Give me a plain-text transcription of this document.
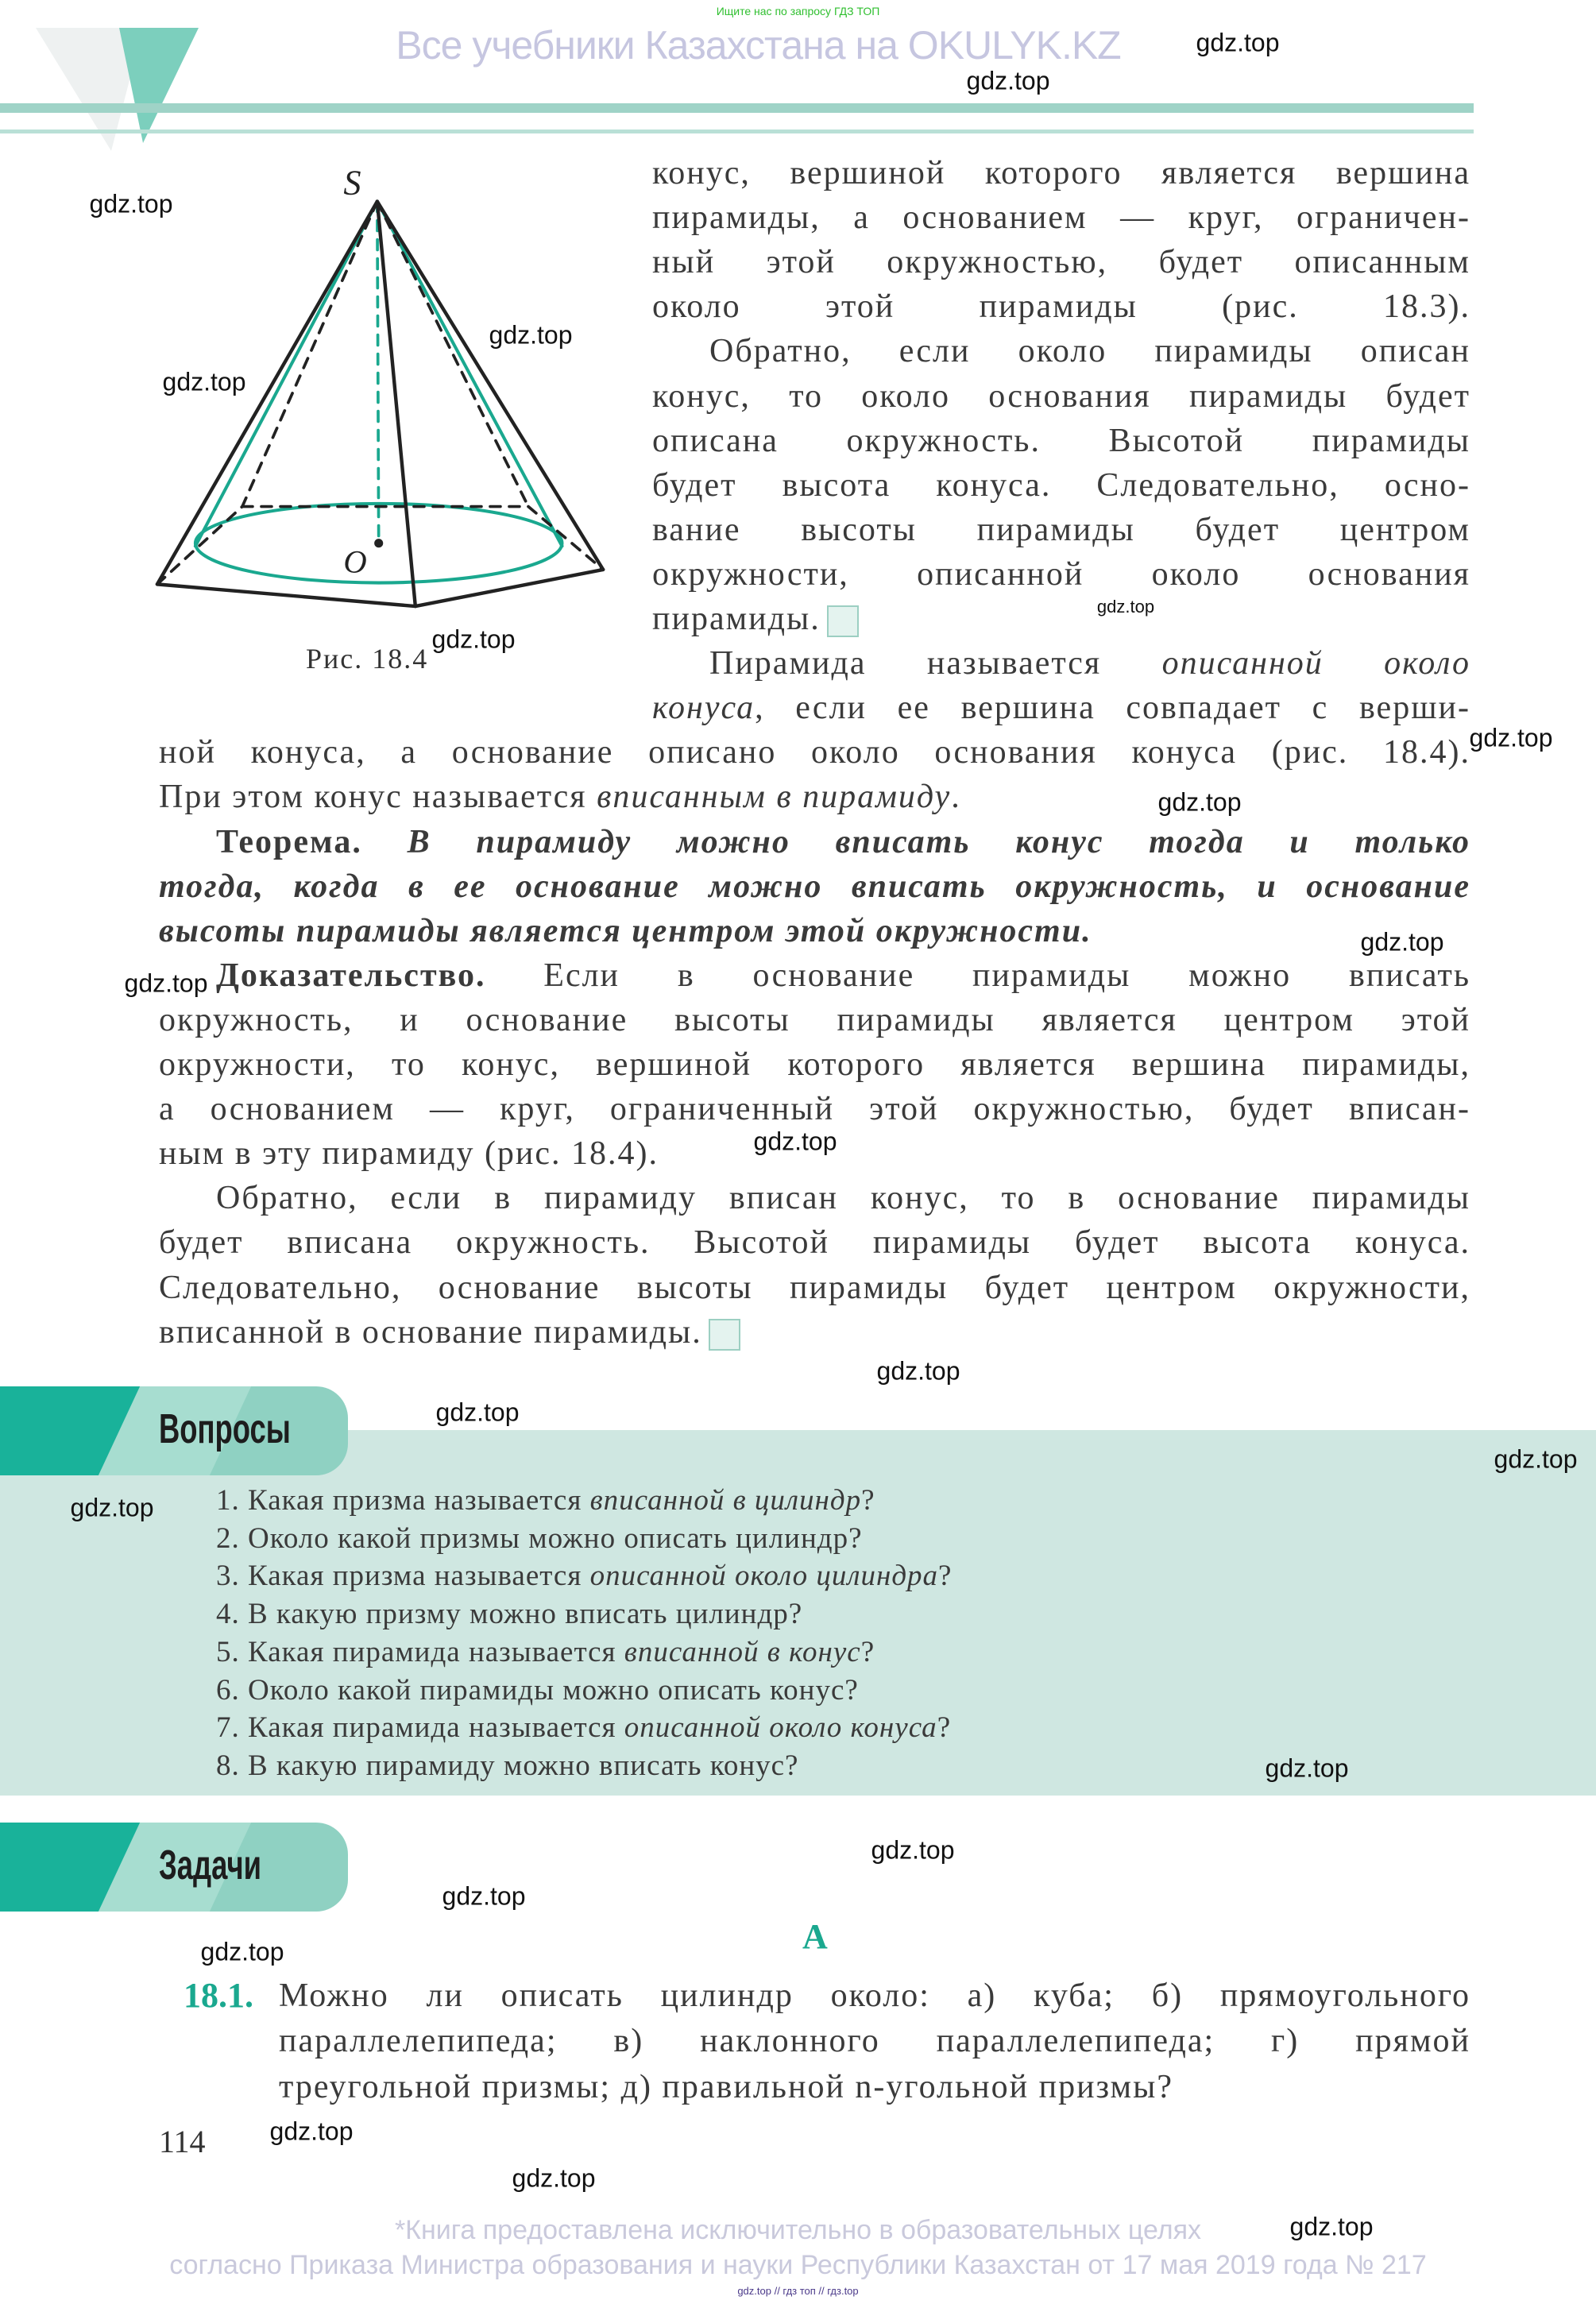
Ищите нас по запросу ГДЗ ТОП
Все учебники Казахстана на OKULYK.KZ
S
O
Рис. 18.4
конус, вершиной которого является вершина
пирамиды, а основанием — круг, ограничен-
ный этой окружностью, будет описанным
около этой пирамиды (рис. 18.3).
Обратно, если около пирамиды описан
конус, то около основания пирамиды будет
описана окружность. Высотой пирамиды
будет высота конуса. Следовательно, осно-
вание высоты пирамиды будет центром
окружности, описанной около основания
пирамиды.
Пирамида называется описанной около
конуса, если ее вершина совпадает с верши-
ной конуса, а основание описано около основания конуса (рис. 18.4).
При этом конус называется вписанным в пирамиду.
Теорема. В пирамиду можно вписать конус тогда и только
тогда, когда в ее основание можно вписать окружность, и основание
высоты пирамиды является центром этой окружности.
Доказательство. Если в основание пирамиды можно вписать
окружность, и основание высоты пирамиды является центром этой
окружности, то конус, вершиной которого является вершина пирамиды,
а основанием — круг, ограниченный этой окружностью, будет вписан-
ным в эту пирамиду (рис. 18.4).
Обратно, если в пирамиду вписан конус, то в основание пирамиды
будет вписана окружность. Высотой пирамиды будет высота конуса.
Следовательно, основание высоты пирамиды будет центром окружности,
вписанной в основание пирамиды.
Вопросы
1. Какая призма называется вписанной в цилиндр?
2. Около какой призмы можно описать цилиндр?
3. Какая призма называется описанной около цилиндра?
4. В какую призму можно вписать цилиндр?
5. Какая пирамида называется вписанной в конус?
6. Около какой пирамиды можно описать конус?
7. Какая пирамида называется описанной около конуса?
8. В какую пирамиду можно вписать конус?
Задачи
A
18.1. Можно ли описать цилиндр около: а) куба; б) прямоугольного
параллелепипеда; в) наклонного параллелепипеда; г) прямой
треугольной призмы; д) правильной n-угольной призмы?
114
*Книга предоставлена исключительно в образовательных целях
согласно Приказа Министра образования и науки Республики Казахстан от 17 мая 2019 года № 217
gdz.top // гдз топ // гдз.top
gdz.top
gdz.top
gdz.top
gdz.top
gdz.top
gdz.top
gdz.top
gdz.top
gdz.top
gdz.top
gdz.top
gdz.top
gdz.top
gdz.top
gdz.top
gdz.top
gdz.top
gdz.top
gdz.top
gdz.top
gdz.top
gdz.top
gdz.top
